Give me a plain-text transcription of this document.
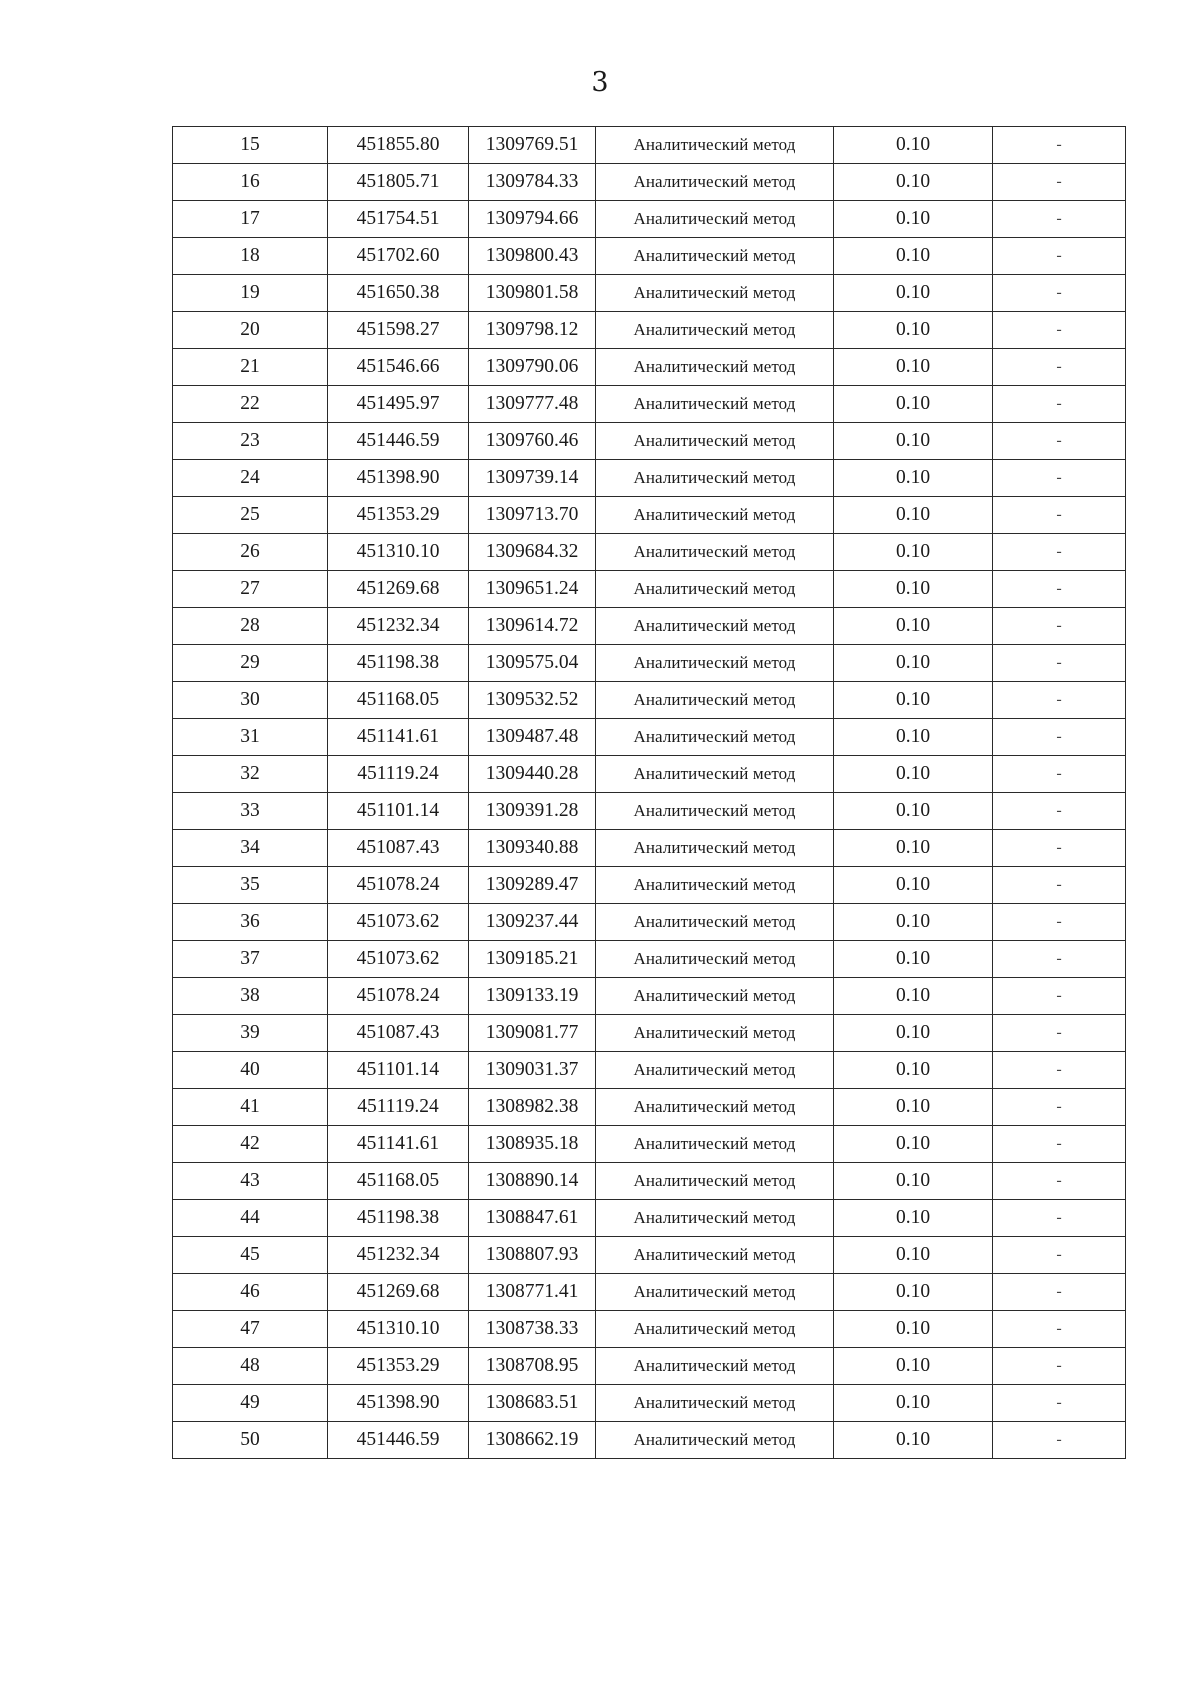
3
15	451855.80	1309769.51	Аналитический метод	0.10	-
16	451805.71	1309784.33	Аналитический метод	0.10	-
17	451754.51	1309794.66	Аналитический метод	0.10	-
18	451702.60	1309800.43	Аналитический метод	0.10	-
19	451650.38	1309801.58	Аналитический метод	0.10	-
20	451598.27	1309798.12	Аналитический метод	0.10	-
21	451546.66	1309790.06	Аналитический метод	0.10	-
22	451495.97	1309777.48	Аналитический метод	0.10	-
23	451446.59	1309760.46	Аналитический метод	0.10	-
24	451398.90	1309739.14	Аналитический метод	0.10	-
25	451353.29	1309713.70	Аналитический метод	0.10	-
26	451310.10	1309684.32	Аналитический метод	0.10	-
27	451269.68	1309651.24	Аналитический метод	0.10	-
28	451232.34	1309614.72	Аналитический метод	0.10	-
29	451198.38	1309575.04	Аналитический метод	0.10	-
30	451168.05	1309532.52	Аналитический метод	0.10	-
31	451141.61	1309487.48	Аналитический метод	0.10	-
32	451119.24	1309440.28	Аналитический метод	0.10	-
33	451101.14	1309391.28	Аналитический метод	0.10	-
34	451087.43	1309340.88	Аналитический метод	0.10	-
35	451078.24	1309289.47	Аналитический метод	0.10	-
36	451073.62	1309237.44	Аналитический метод	0.10	-
37	451073.62	1309185.21	Аналитический метод	0.10	-
38	451078.24	1309133.19	Аналитический метод	0.10	-
39	451087.43	1309081.77	Аналитический метод	0.10	-
40	451101.14	1309031.37	Аналитический метод	0.10	-
41	451119.24	1308982.38	Аналитический метод	0.10	-
42	451141.61	1308935.18	Аналитический метод	0.10	-
43	451168.05	1308890.14	Аналитический метод	0.10	-
44	451198.38	1308847.61	Аналитический метод	0.10	-
45	451232.34	1308807.93	Аналитический метод	0.10	-
46	451269.68	1308771.41	Аналитический метод	0.10	-
47	451310.10	1308738.33	Аналитический метод	0.10	-
48	451353.29	1308708.95	Аналитический метод	0.10	-
49	451398.90	1308683.51	Аналитический метод	0.10	-
50	451446.59	1308662.19	Аналитический метод	0.10	-
